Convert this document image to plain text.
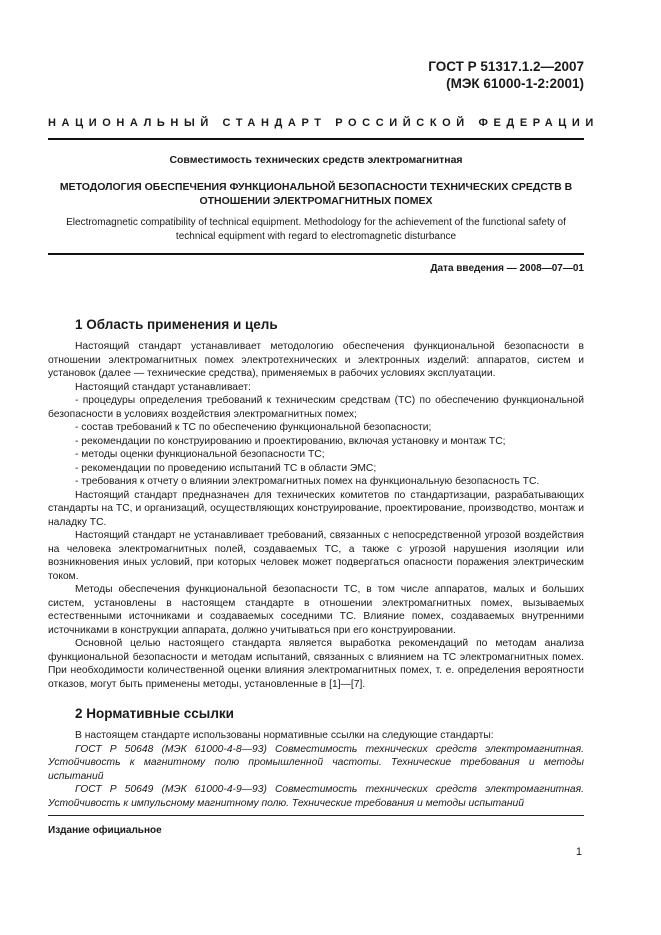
ГОСТ Р 51317.1.2—2007
(МЭК 61000-1-2:2001)
НАЦИОНАЛЬНЫЙ СТАНДАРТ РОССИЙСКОЙ ФЕДЕРАЦИИ
Совместимость технических средств электромагнитная
МЕТОДОЛОГИЯ ОБЕСПЕЧЕНИЯ ФУНКЦИОНАЛЬНОЙ БЕЗОПАСНОСТИ ТЕХНИЧЕСКИХ СРЕДСТВ В ОТНОШЕНИИ ЭЛЕКТРОМАГНИТНЫХ ПОМЕХ
Electromagnetic compatibility of technical equipment. Methodology for the achievement of the functional safety of technical equipment with regard to electromagnetic disturbance
Дата введения — 2008—07—01
1 Область применения и цель

Настоящий стандарт устанавливает методологию обеспечения функциональной безопасности в отношении электромагнитных помех электротехнических и электронных изделий: аппаратов, систем и установок (далее — технические средства), применяемых в рабочих условиях эксплуатации.

Настоящий стандарт устанавливает:

- процедуры определения требований к техническим средствам (ТС) по обеспечению функциональной безопасности в условиях воздействия электромагнитных помех;

- состав требований к ТС по обеспечению функциональной безопасности;

- рекомендации по конструированию и проектированию, включая установку и монтаж ТС;

- методы оценки функциональной безопасности ТС;

- рекомендации по проведению испытаний ТС в области ЭМС;

- требования к отчету о влиянии электромагнитных помех на функциональную безопасность ТС.

Настоящий стандарт предназначен для технических комитетов по стандартизации, разрабатывающих стандарты на ТС, и организаций, осуществляющих конструирование, проектирование, производство, монтаж и наладку ТС.

Настоящий стандарт не устанавливает требований, связанных с непосредственной угрозой воздействия на человека электромагнитных полей, создаваемых ТС, а также с угрозой нарушения изоляции или возникновения иных условий, при которых человек может подвергаться опасности поражения электрическим током.

Методы обеспечения функциональной безопасности ТС, в том числе аппаратов, малых и больших систем, установлены в настоящем стандарте в отношении электромагнитных помех, вызываемых естественными источниками и создаваемых соседними ТС. Влияние помех, создаваемых внутренними источниками в конструкции аппарата, должно учитываться при его конструировании.

Основной целью настоящего стандарта является выработка рекомендаций по методам анализа функциональной безопасности и методам испытаний, связанных с влиянием на ТС электромагнитных помех. При необходимости количественной оценки влияния электромагнитных помех, т. е. определения вероятности отказов, могут быть применены методы, установленные в [1]—[7].

2 Нормативные ссылки

В настоящем стандарте использованы нормативные ссылки на следующие стандарты:

ГОСТ Р 50648 (МЭК 61000-4-8—93) Совместимость технических средств электромагнитная. Устойчивость к магнитному полю промышленной частоты. Технические требования и методы испытаний

ГОСТ Р 50649 (МЭК 61000-4-9—93) Совместимость технических средств электромагнитная. Устойчивость к импульсному магнитному полю. Технические требования и методы испытаний

Издание официальное
1
